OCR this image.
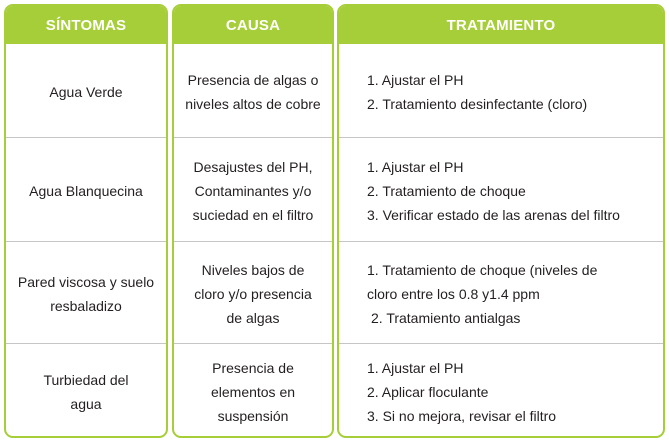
SÍNTOMAS
Agua Verde
Agua Blanquecina
Pared viscosa y suelo
resbaladizo
Turbiedad del
agua
CAUSA
Presencia de algas o
niveles altos de cobre
Desajustes del PH,
Contaminantes y/o
suciedad en el filtro
Niveles bajos de
cloro y/o presencia
de algas
Presencia de
elementos en
suspensión
TRATAMIENTO
1. Ajustar el PH
2. Tratamiento desinfectante (cloro)
1. Ajustar el PH
2. Tratamiento de choque
3. Verificar estado de las arenas del filtro
1. Tratamiento de choque (niveles de
cloro entre los 0.8 y1.4 ppm
2. Tratamiento antialgas
1. Ajustar el PH
2. Aplicar floculante
3. Si no mejora, revisar el filtro
